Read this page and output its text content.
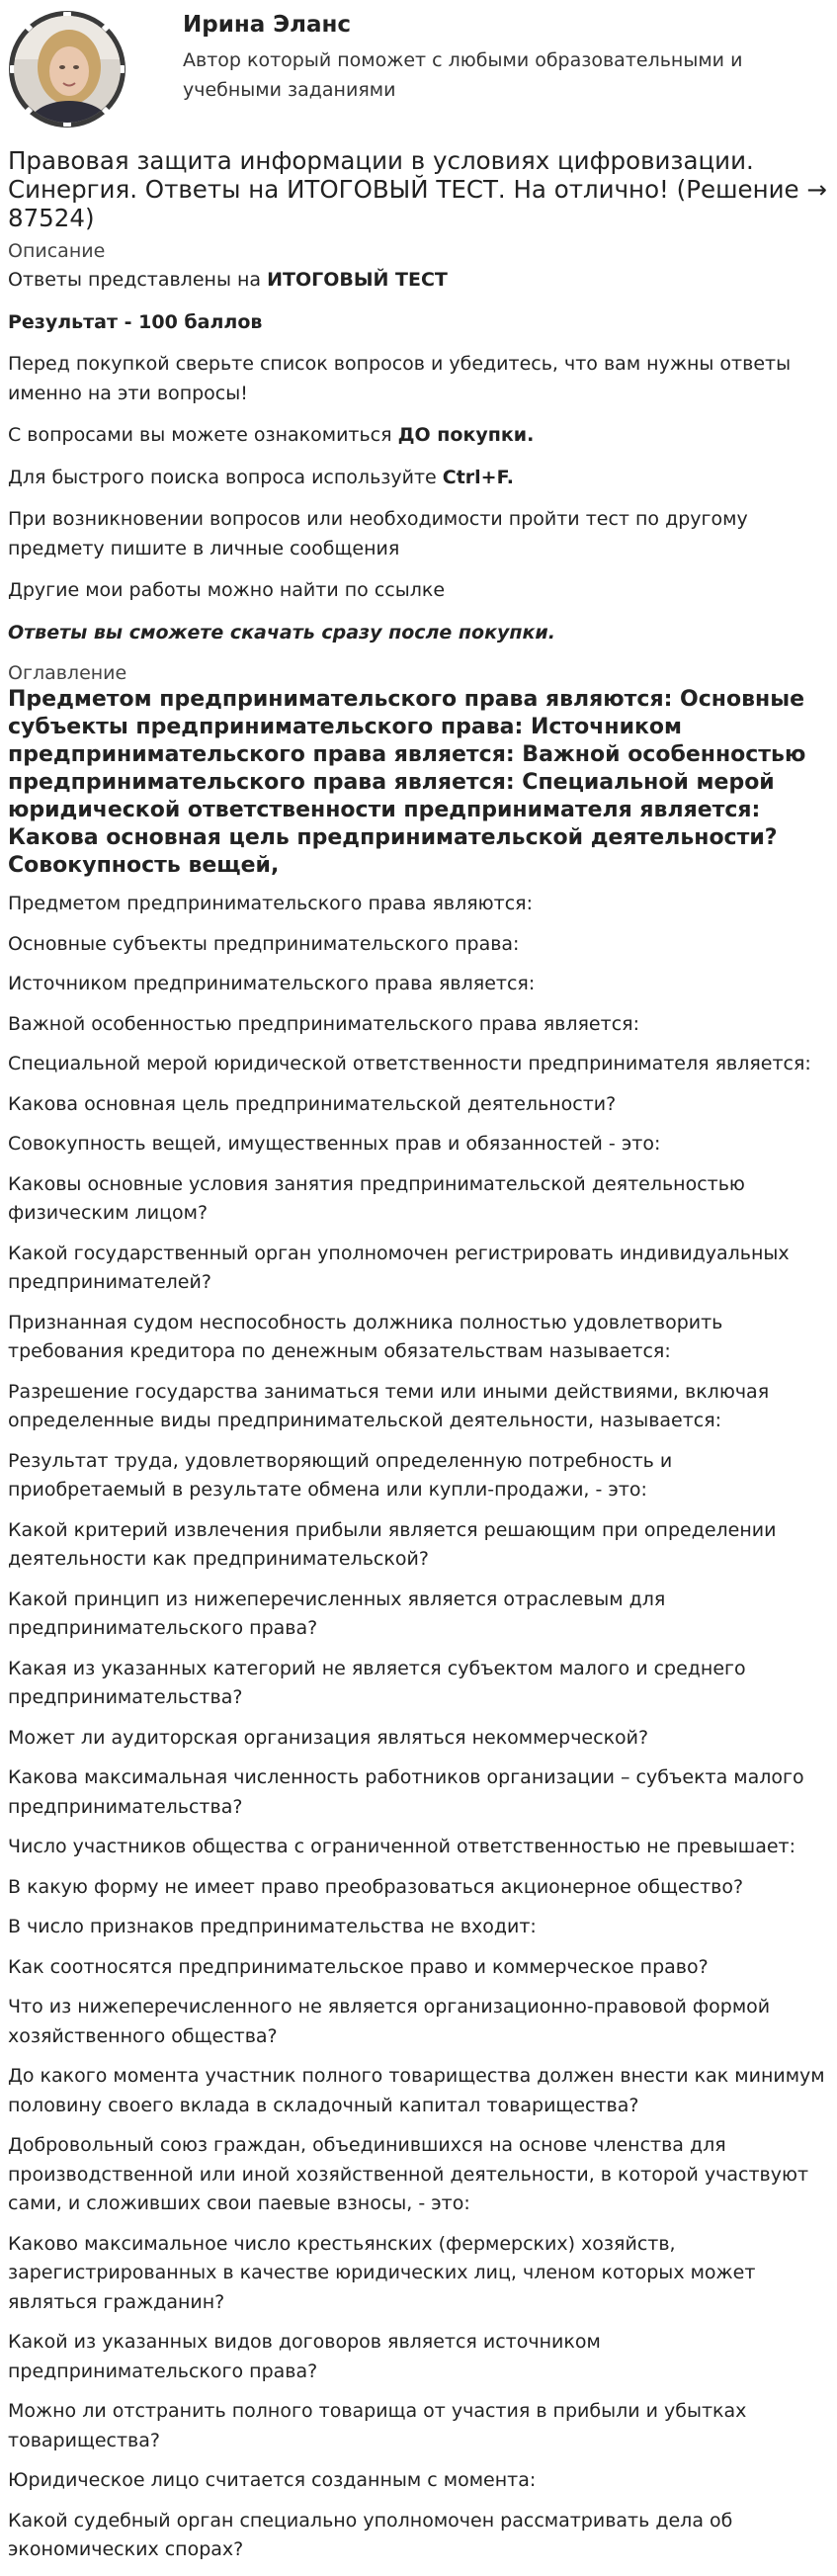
Ирина Эланс
Автор который поможет с любыми образовательными и учебными заданиями
Правовая защита информации в условиях цифровизации. Синергия. Ответы на ИТОГОВЫЙ ТЕСТ. На отлично! (Решение → 87524)
Описание

Ответы представлены на ИТОГОВЫЙ ТЕСТ

Результат - 100 баллов

Перед покупкой сверьте список вопросов и убедитесь, что вам нужны ответы именно на эти вопросы!

С вопросами вы можете ознакомиться ДО покупки.

Для быстрого поиска вопроса используйте Ctrl+F.

При возникновении вопросов или необходимости пройти тест по другому предмету пишите в личные сообщения

Другие мои работы можно найти по ссылке

Ответы вы сможете скачать сразу после покупки.

Оглавление
Предметом предпринимательского права являются: Основные субъекты предпринимательского права: Источником предпринимательского права является: Важной особенностью предпринимательского права является: Специальной мерой юридической ответственности предпринимателя является: Какова основная цель предпринимательской деятельности? Совокупность вещей,

Предметом предпринимательского права являются:

Основные субъекты предпринимательского права:

Источником предпринимательского права является:

Важной особенностью предпринимательского права является:

Специальной мерой юридической ответственности предпринимателя является:

Какова основная цель предпринимательской деятельности?

Совокупность вещей, имущественных прав и обязанностей - это:

Каковы основные условия занятия предпринимательской деятельностью физическим лицом?

Какой государственный орган уполномочен регистрировать индивидуальных предпринимателей?

Признанная судом неспособность должника полностью удовлетворить требования кредитора по денежным обязательствам называется:

Разрешение государства заниматься теми или иными действиями, включая определенные виды предпринимательской деятельности, называется:

Результат труда, удовлетворяющий определенную потребность и приобретаемый в результате обмена или купли-продажи, - это:

Какой критерий извлечения прибыли является решающим при определении деятельности как предпринимательской?

Какой принцип из нижеперечисленных является отраслевым для предпринимательского права?

Какая из указанных категорий не является субъектом малого и среднего предпринимательства?

Может ли аудиторская организация являться некоммерческой?

Какова максимальная численность работников организации – субъекта малого предпринимательства?

Число участников общества с ограниченной ответственностью не превышает:

В какую форму не имеет право преобразоваться акционерное общество?

В число признаков предпринимательства не входит:

Как соотносятся предпринимательское право и коммерческое право?

Что из нижеперечисленного не является организационно-правовой формой хозяйственного общества?

До какого момента участник полного товарищества должен внести как минимум половину своего вклада в складочный капитал товарищества?

Добровольный союз граждан, объединившихся на основе членства для производственной или иной хозяйственной деятельности, в которой участвуют сами, и сложивших свои паевые взносы, - это:

Каково максимальное число крестьянских (фермерских) хозяйств, зарегистрированных в качестве юридических лиц, членом которых может являться гражданин?

Какой из указанных видов договоров является источником предпринимательского права?

Можно ли отстранить полного товарища от участия в прибыли и убытках товарищества?

Юридическое лицо считается созданным с момента:

Какой судебный орган специально уполномочен рассматривать дела об экономических спорах?
